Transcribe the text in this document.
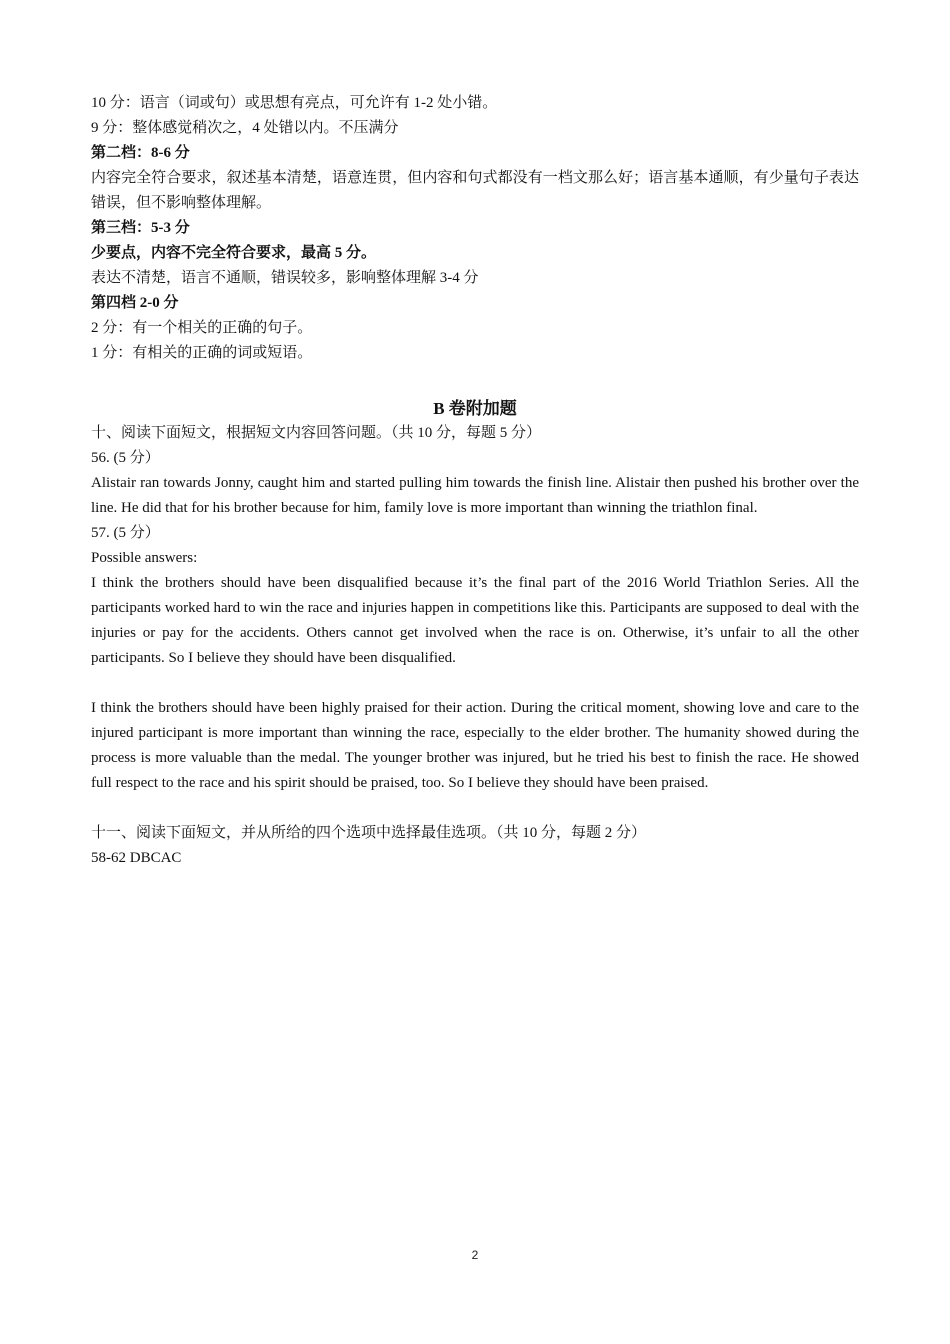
10 分：语言（词或句）或思想有亮点，可允许有 1-2 处小错。

9 分：整体感觉稍次之，4 处错以内。不压满分

第二档：8-6 分

内容完全符合要求，叙述基本清楚，语意连贯，但内容和句式都没有一档文那么好；语言基本通顺，有少量句子表达错误，但不影响整体理解。

第三档：5-3 分

少要点，内容不完全符合要求，最高 5 分。

表达不清楚，语言不通顺，错误较多，影响整体理解 3-4 分

第四档 2-0 分

2 分：有一个相关的正确的句子。

1 分：有相关的正确的词或短语。

B 卷附加题

十、阅读下面短文，根据短文内容回答问题。（共 10 分，每题 5 分）

56. (5 分）

Alistair ran towards Jonny, caught him and started pulling him towards the finish line. Alistair then pushed his brother over the line. He did that for his brother because for him, family love is more important than winning the triathlon final.

57. (5 分）

Possible answers:

I think the brothers should have been disqualified because it’s the final part of the 2016 World Triathlon Series. All the participants worked hard to win the race and injuries happen in competitions like this. Participants are supposed to deal with the injuries or pay for the accidents. Others cannot get involved when the race is on. Otherwise, it’s unfair to all the other participants. So I believe they should have been disqualified.

I think the brothers should have been highly praised for their action. During the critical moment, showing love and care to the injured participant is more important than winning the race, especially to the elder brother. The humanity showed during the process is more valuable than the medal. The younger brother was injured, but he tried his best to finish the race. He showed full respect to the race and his spirit should be praised, too. So I believe they should have been praised.

十一、阅读下面短文，并从所给的四个选项中选择最佳选项。（共 10 分，每题 2 分）

58-62 DBCAC

2
